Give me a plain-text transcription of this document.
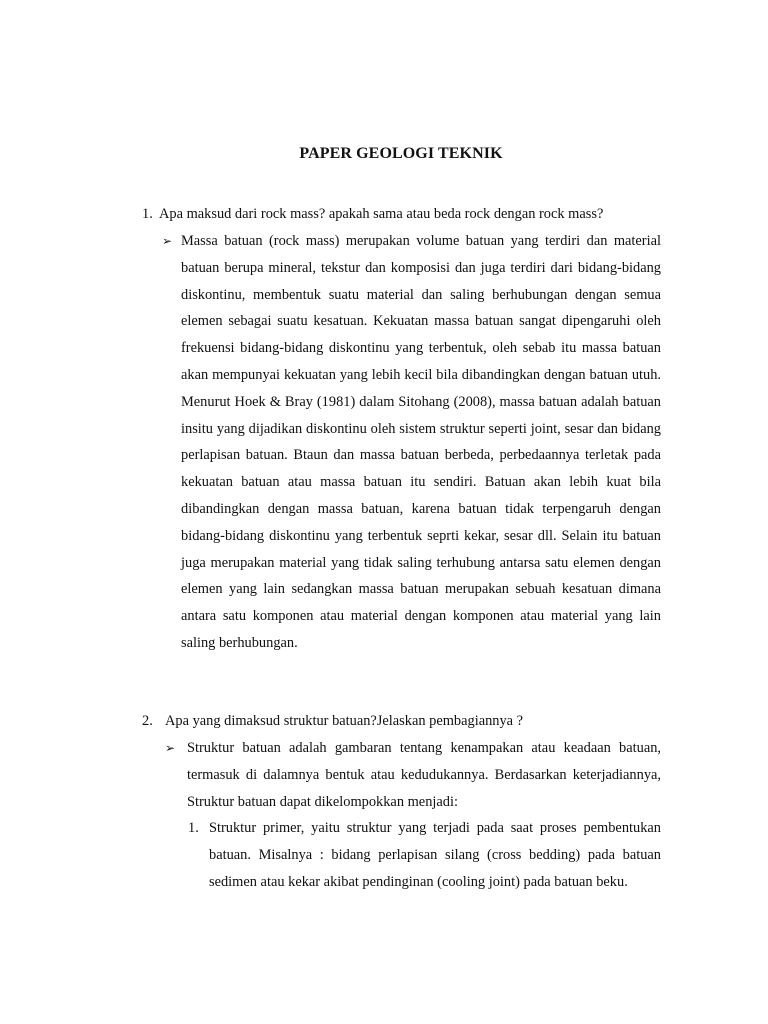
PAPER GEOLOGI TEKNIK
1. Apa maksud dari rock mass? apakah sama atau beda rock dengan rock mass?
➢ Massa batuan (rock mass) merupakan volume batuan yang terdiri dan material batuan berupa mineral, tekstur dan komposisi dan juga terdiri dari bidang-bidang diskontinu, membentuk suatu material dan saling berhubungan dengan semua elemen sebagai suatu kesatuan. Kekuatan massa batuan sangat dipengaruhi oleh frekuensi bidang-bidang diskontinu yang terbentuk, oleh sebab itu massa batuan akan mempunyai kekuatan yang lebih kecil bila dibandingkan dengan batuan utuh. Menurut Hoek & Bray (1981) dalam Sitohang (2008), massa batuan adalah batuan insitu yang dijadikan diskontinu oleh sistem struktur seperti joint, sesar dan bidang perlapisan batuan. Btaun dan massa batuan berbeda, perbedaannya terletak pada kekuatan batuan atau massa batuan itu sendiri. Batuan akan lebih kuat bila dibandingkan dengan massa batuan, karena batuan tidak terpengaruh dengan bidang-bidang diskontinu yang terbentuk seprti kekar, sesar dll. Selain itu batuan juga merupakan material yang tidak saling terhubung antarsa satu elemen dengan elemen yang lain sedangkan massa batuan merupakan sebuah kesatuan dimana antara satu komponen atau material dengan komponen atau material yang lain saling berhubungan.
2. Apa yang dimaksud struktur batuan?Jelaskan pembagiannya ?
➢ Struktur batuan adalah gambaran tentang kenampakan atau keadaan batuan, termasuk di dalamnya bentuk atau kedudukannya. Berdasarkan keterjadiannya, Struktur batuan dapat dikelompokkan menjadi:
1. Struktur primer, yaitu struktur yang terjadi pada saat proses pembentukan batuan. Misalnya : bidang perlapisan silang (cross bedding) pada batuan sedimen atau kekar akibat pendinginan (cooling joint) pada batuan beku.
